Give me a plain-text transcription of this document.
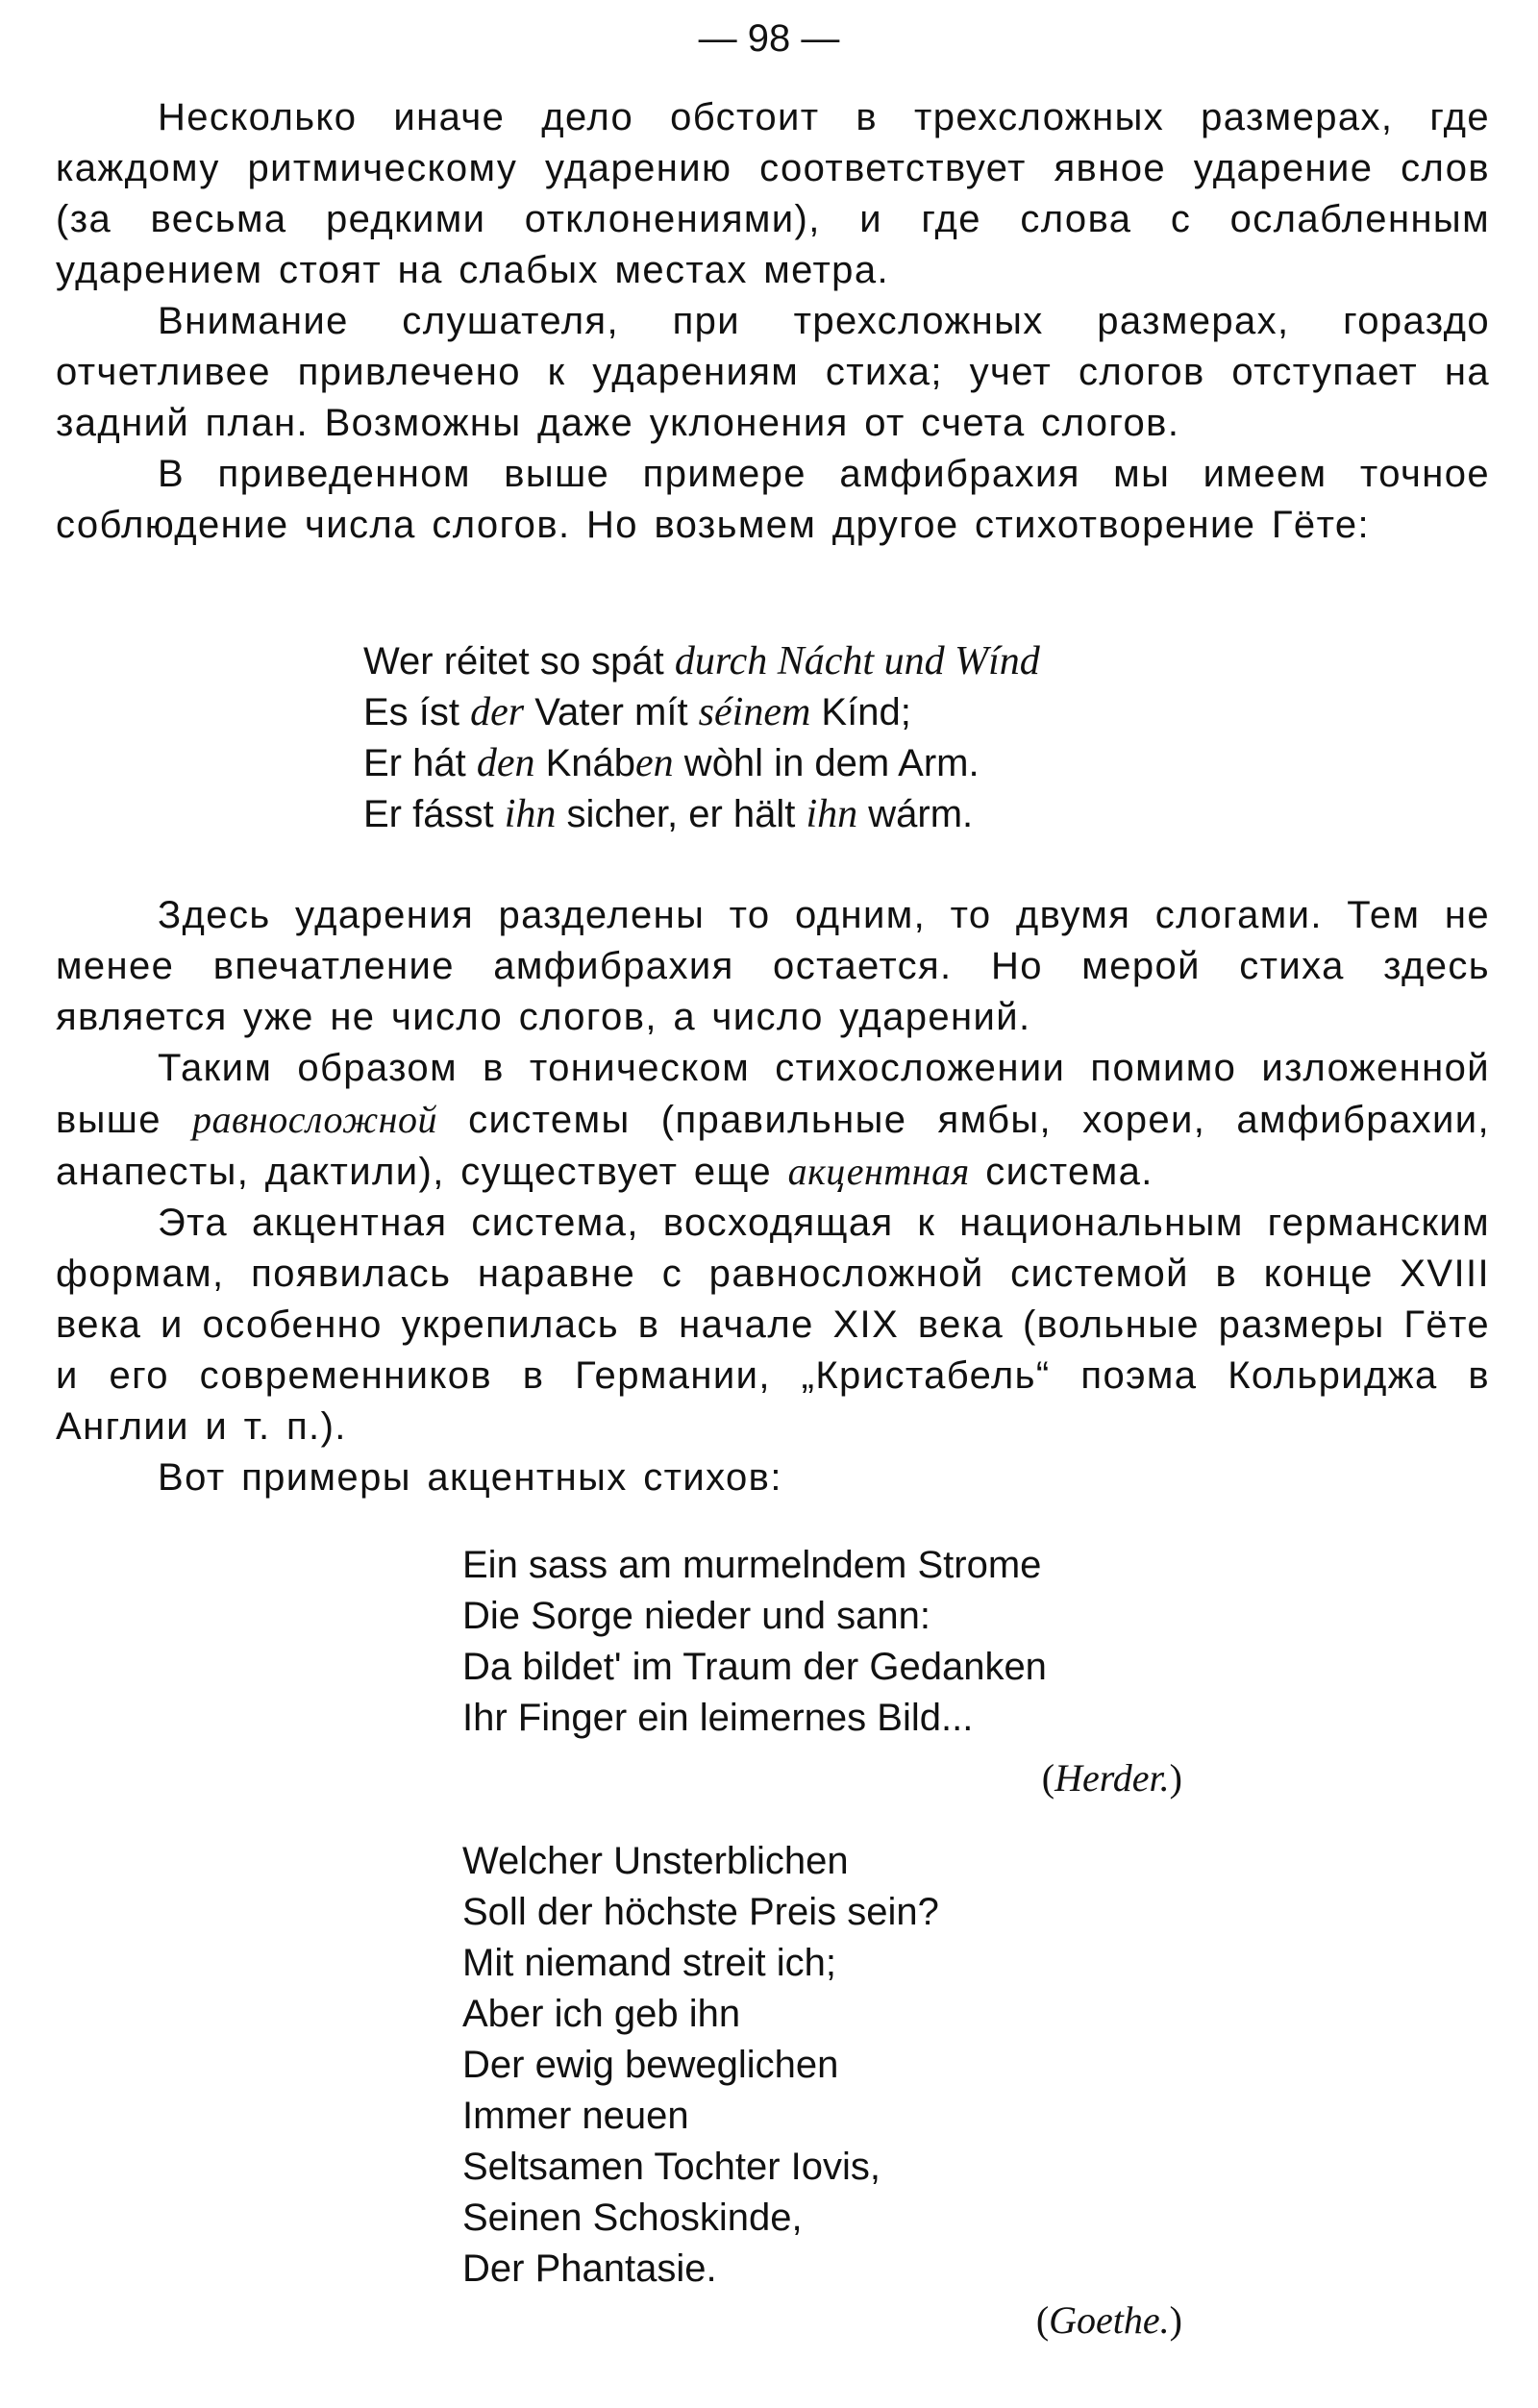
— 98 —

Несколько иначе дело обстоит в трехсложных размерах, где каждому ритмическому ударению соответствует явное ударение слов (за весьма редкими отклонениями), и где слова с ослабленным ударением стоят на слабых местах метра.

Внимание слушателя, при трехсложных размерах, гораздо отчетливее привлечено к ударениям стиха; учет слогов отступает на задний план. Возможны даже уклонения от счета слогов.

В приведенном выше примере амфибрахия мы имеем точное соблюдение числа слогов. Но возьмем другое стихотворение Гёте:

Wer réitet so spát durch Nácht und Wínd
Es íst der Vater mít séinem Kínd;
Er hát den Knáben wòhl in dem Arm.
Er fásst ihn sicher, er hält ihn wárm.

Здесь ударения разделены то одним, то двумя слогами. Тем не менее впечатление амфибрахия остается. Но мерой стиха здесь является уже не число слогов, а число ударений.

Таким образом в тоническом стихосложении помимо изложенной выше равносложной системы (правильные ямбы, хореи, амфибрахии, анапесты, дактили), существует еще акцентная система.

Эта акцентная система, восходящая к национальным германским формам, появилась наравне с равносложной системой в конце XVIII века и особенно укрепилась в начале XIX века (вольные размеры Гёте и его современников в Германии, „Кристабель“ поэма Кольриджа в Англии и т. п.).

Вот примеры акцентных стихов:

Ein sass am murmelndem Strome
Die Sorge nieder und sann:
Da bildet' im Traum der Gedanken
Ihr Finger ein leimernes Bild...
(Herder.)
Welcher Unsterblichen
Soll der höchste Preis sein?
Mit niemand streit ich;
Aber ich geb ihn
Der ewig beweglichen
Immer neuen
Seltsamen Tochter Iovis,
Seinen Schoskinde,
Der Phantasie.
(Goethe.)
